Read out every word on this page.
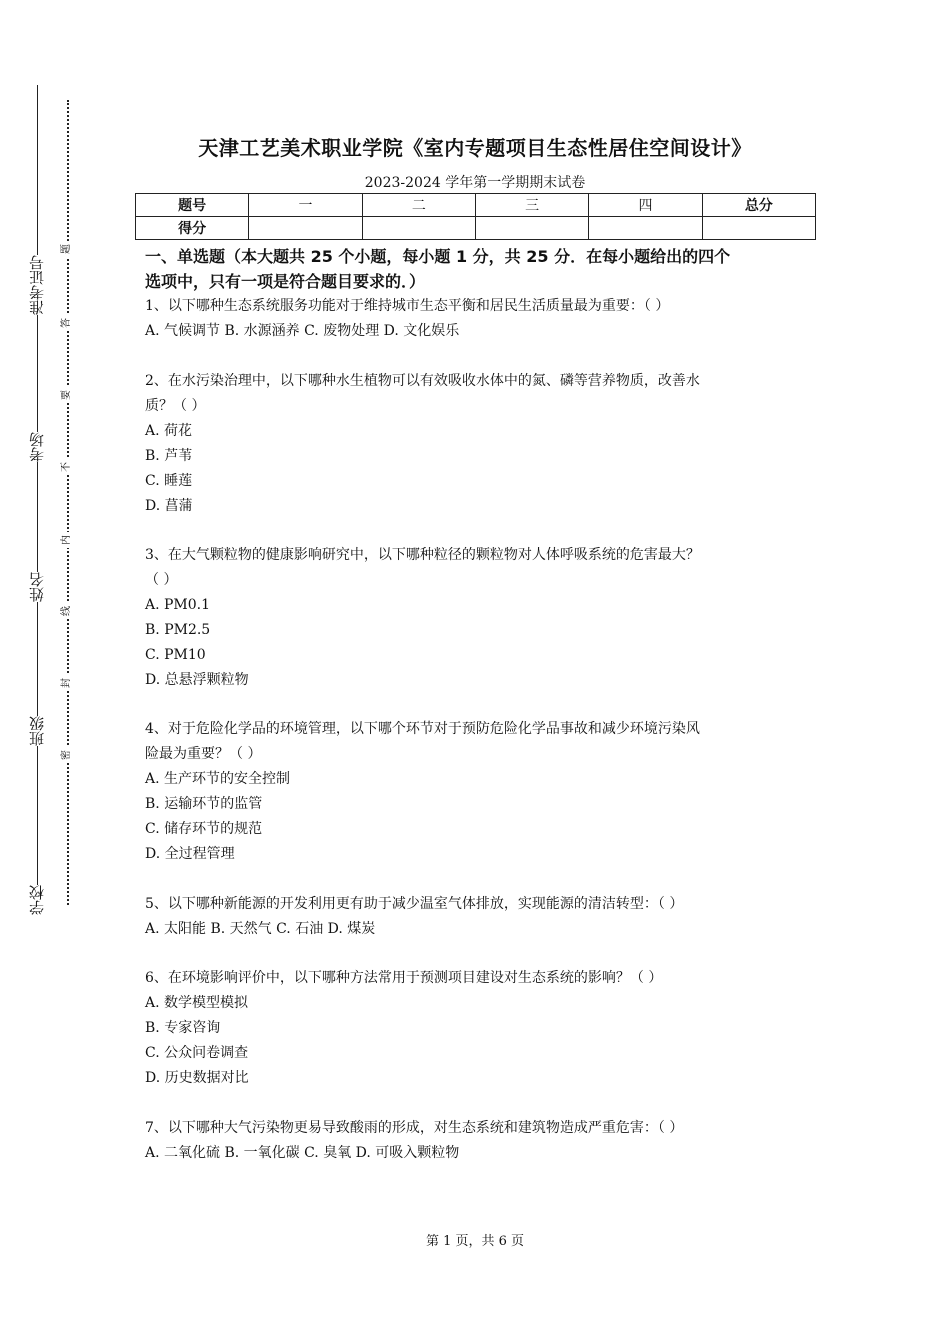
准考证号
考场
姓名
班级
学校
题
答
要
不
内
线
封
密
天津工艺美术职业学院《室内专题项目生态性居住空间设计》
2023-2024 学年第一学期期末试卷
题号	一	二	三	四	总分
得分					
一、单选题（本大题共 25 个小题，每小题 1 分，共 25 分．在每小题给出的四个
选项中，只有一项是符合题目要求的．）
1、以下哪种生态系统服务功能对于维持城市生态平衡和居民生活质量最为重要：（ ）
A. 气候调节 B. 水源涵养 C. 废物处理 D. 文化娱乐
2、在水污染治理中，以下哪种水生植物可以有效吸收水体中的氮、磷等营养物质，改善水
质？（ ）
A. 荷花
B. 芦苇
C. 睡莲
D. 菖蒲
3、在大气颗粒物的健康影响研究中，以下哪种粒径的颗粒物对人体呼吸系统的危害最大？
（ ）
A. PM0.1
B. PM2.5
C. PM10
D. 总悬浮颗粒物
4、对于危险化学品的环境管理，以下哪个环节对于预防危险化学品事故和减少环境污染风
险最为重要？（ ）
A. 生产环节的安全控制
B. 运输环节的监管
C. 储存环节的规范
D. 全过程管理
5、以下哪种新能源的开发利用更有助于减少温室气体排放，实现能源的清洁转型：（ ）
A. 太阳能 B. 天然气 C. 石油 D. 煤炭
6、在环境影响评价中，以下哪种方法常用于预测项目建设对生态系统的影响？（ ）
A. 数学模型模拟
B. 专家咨询
C. 公众问卷调查
D. 历史数据对比
7、以下哪种大气污染物更易导致酸雨的形成，对生态系统和建筑物造成严重危害：（ ）
A. 二氧化硫 B. 一氧化碳 C. 臭氧 D. 可吸入颗粒物
第 1 页，共 6 页
